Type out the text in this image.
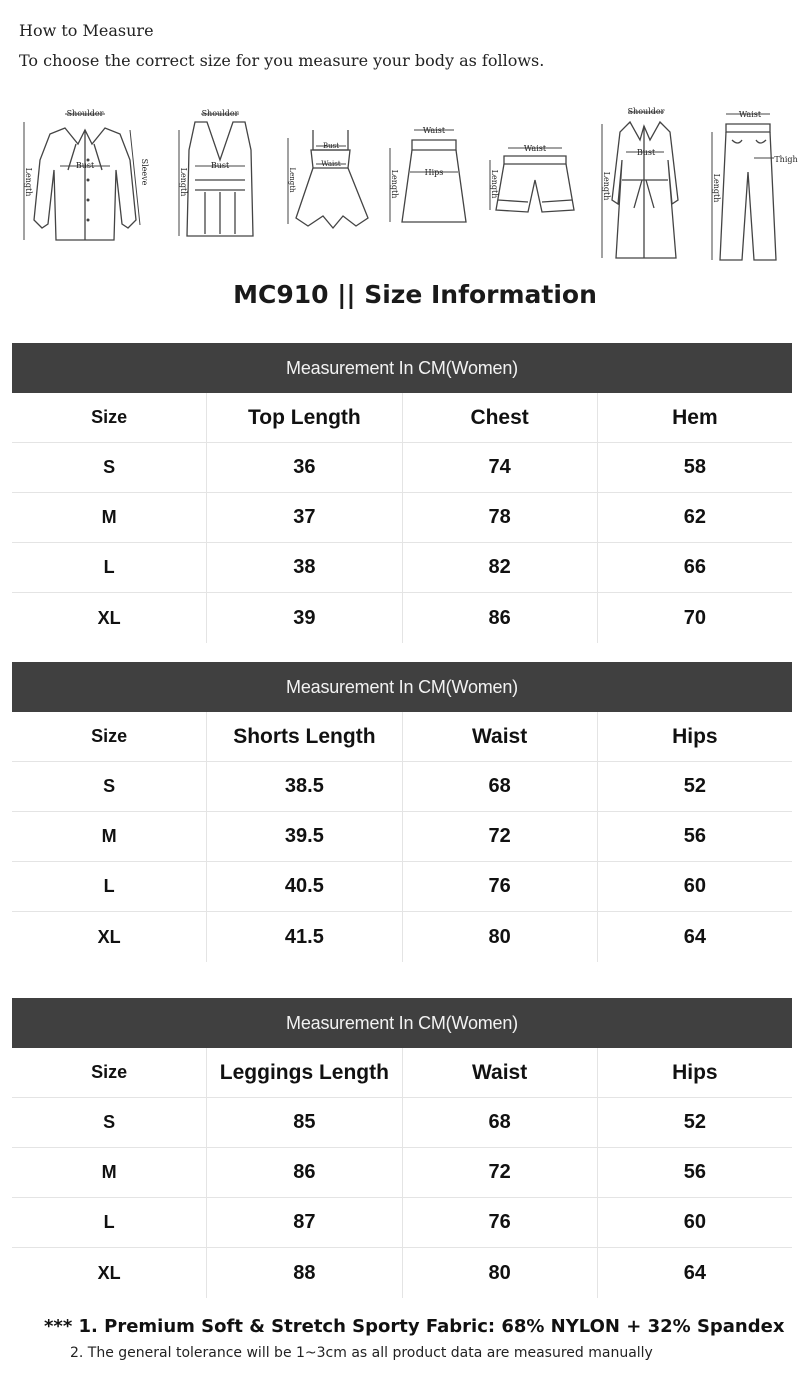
How to Measure
To choose the correct size for you measure your body as follows.
Shoulder
Bust
Length	Sleeve
Shoulder
Bust
Length
Bust
Waist
Length
Waist
Hips
Length
Waist
Length
Shoulder
Bust
Length
Waist
Thigh
Length
MC910 || Size Information
Measurement In CM(Women)
Size	Top Length	Chest	Hem
S	36	74	58
M	37	78	62
L	38	82	66
XL	39	86	70
Measurement In CM(Women)
Size	Shorts Length	Waist	Hips
S	38.5	68	52
M	39.5	72	56
L	40.5	76	60
XL	41.5	80	64
Measurement In CM(Women)
Size	Leggings Length	Waist	Hips
S	85	68	52
M	86	72	56
L	87	76	60
XL	88	80	64
*** 1. Premium Soft & Stretch Sporty Fabric: 68% NYLON + 32% Spandex
2. The general tolerance will be 1~3cm as all product data are measured manually
